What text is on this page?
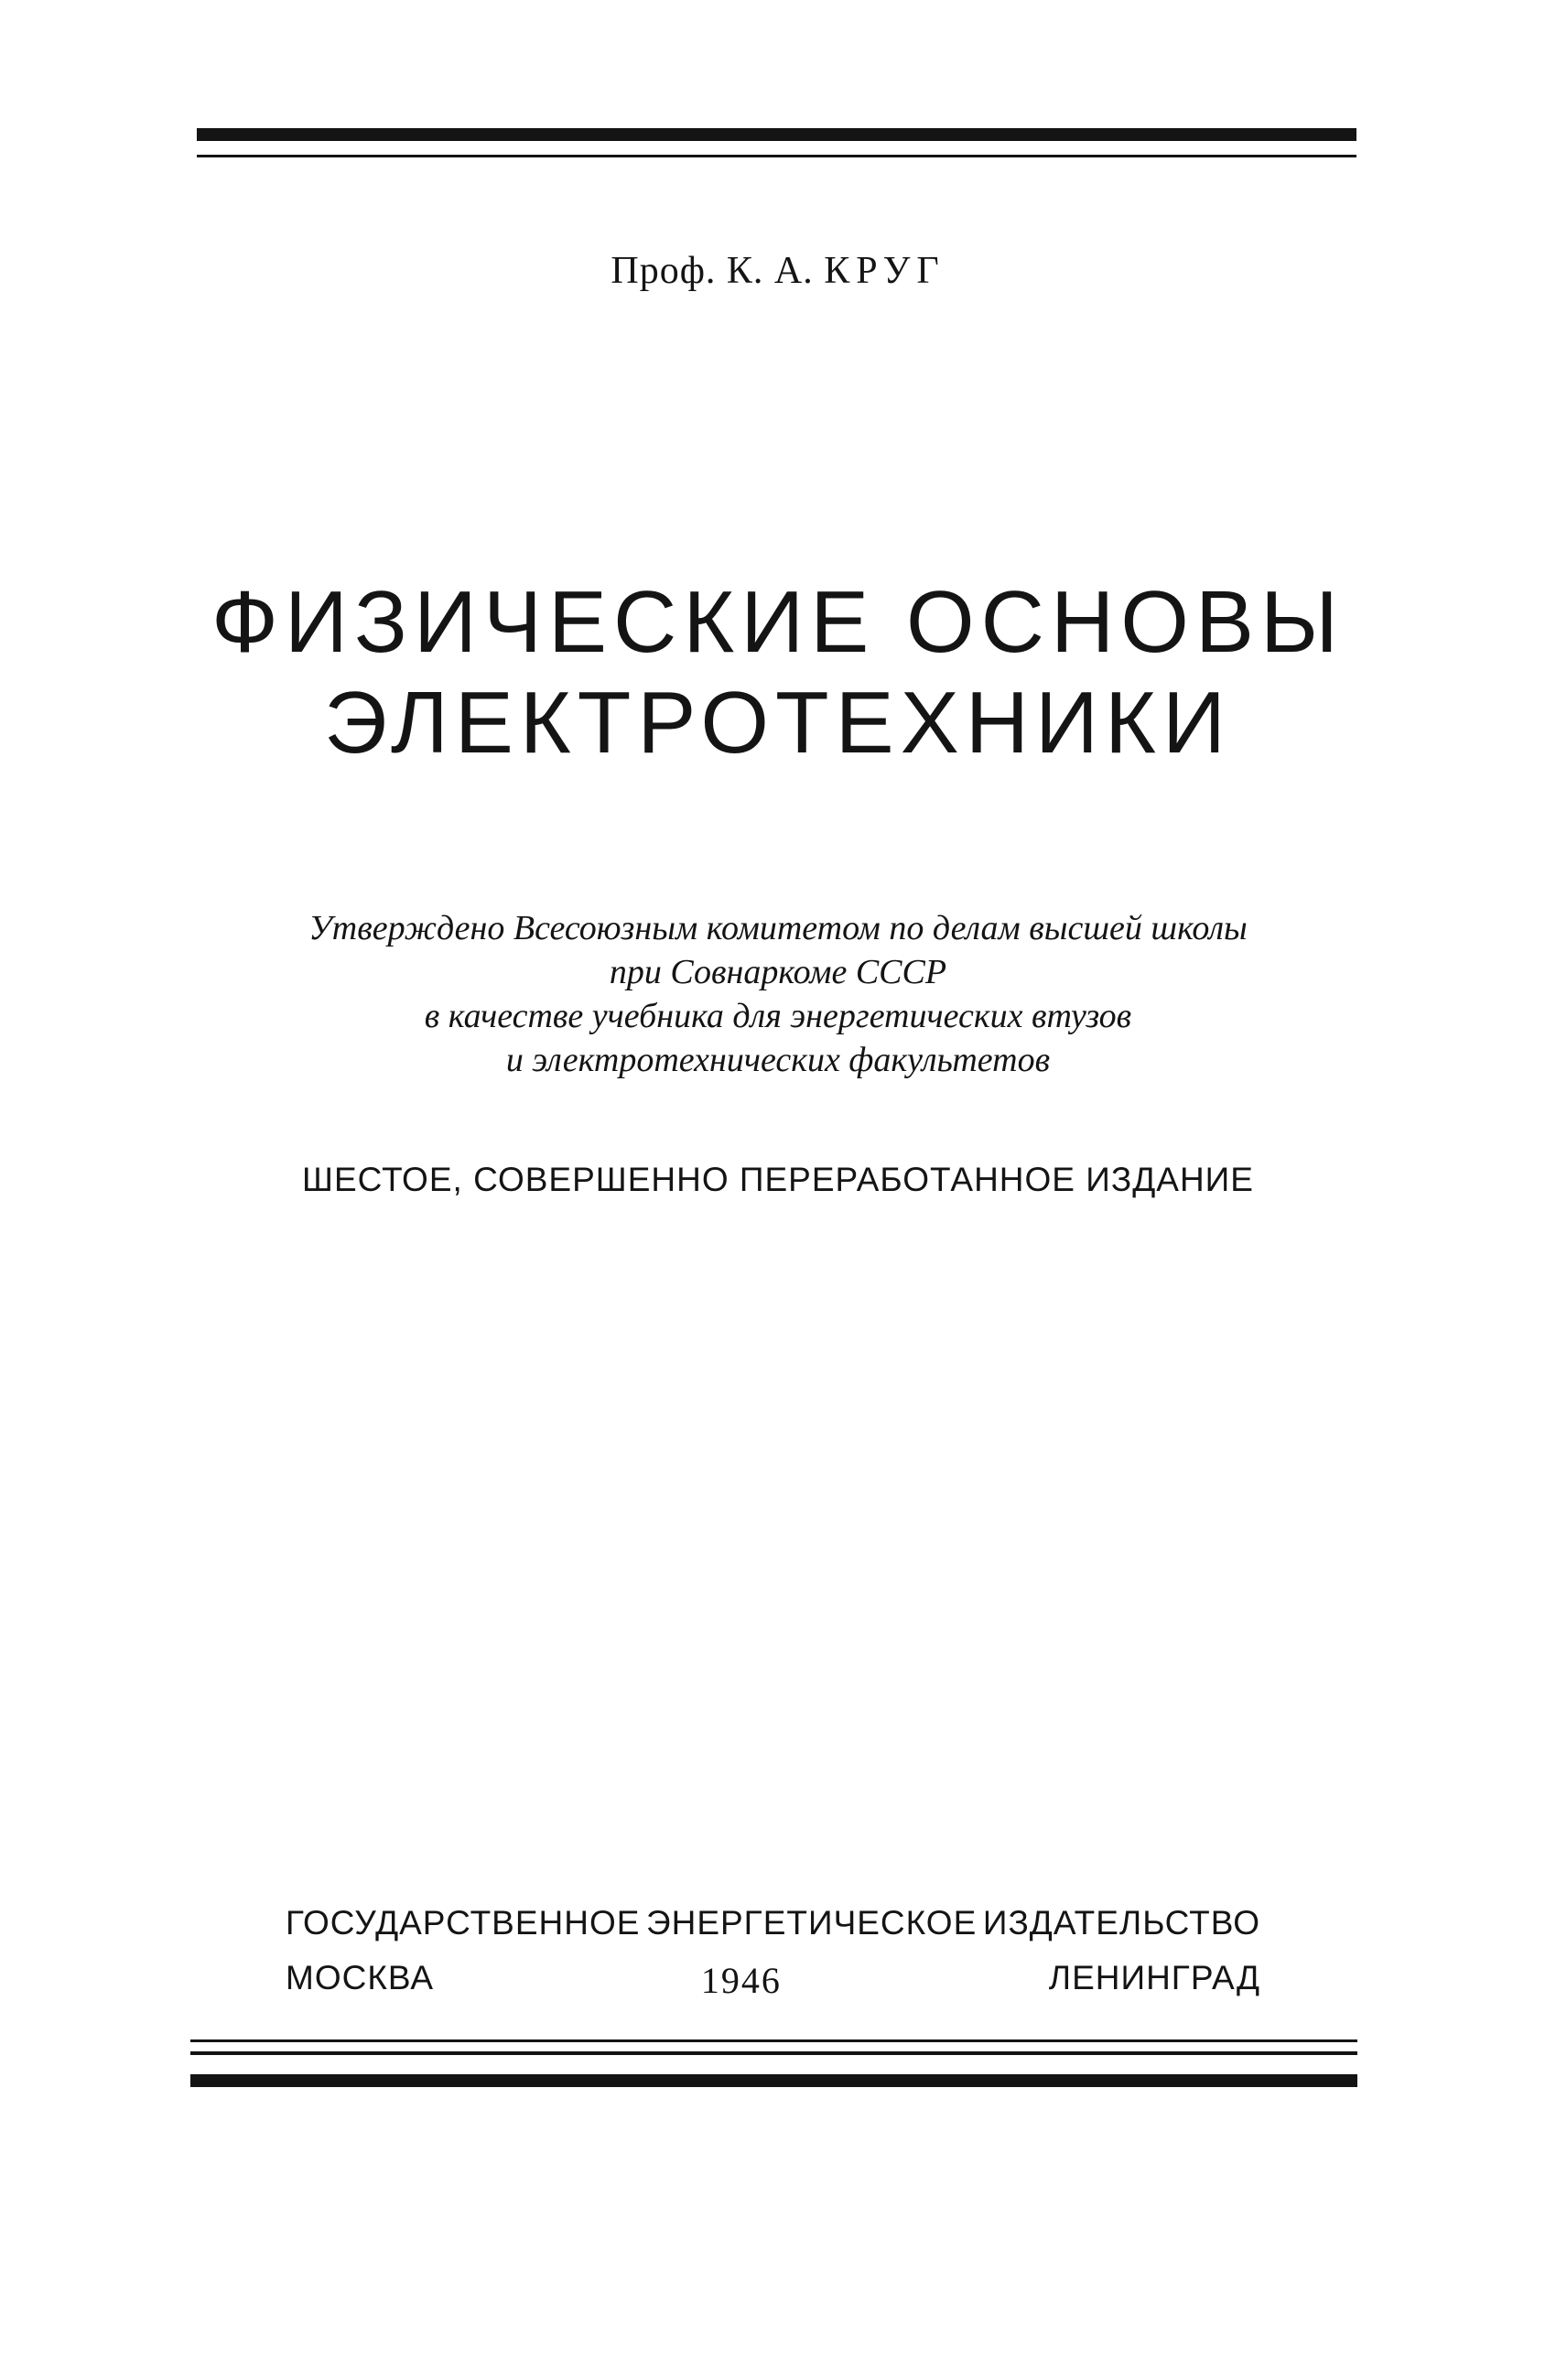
Проф. К. А. КРУГ
ФИЗИЧЕСКИЕ ОСНОВЫ
ЭЛЕКТРОТЕХНИКИ
Утверждено Всесоюзным комитетом по делам высшей школы
при Совнаркоме СССР
в качестве учебника для энергетических втузов
и электротехнических факультетов
ШЕСТОЕ, СОВЕРШЕННО ПЕРЕРАБОТАННОЕ ИЗДАНИЕ
ГОСУДАРСТВЕННОЕ ЭНЕРГЕТИЧЕСКОЕ ИЗДАТЕЛЬСТВО
МОСКВА	1946	ЛЕНИНГРАД
